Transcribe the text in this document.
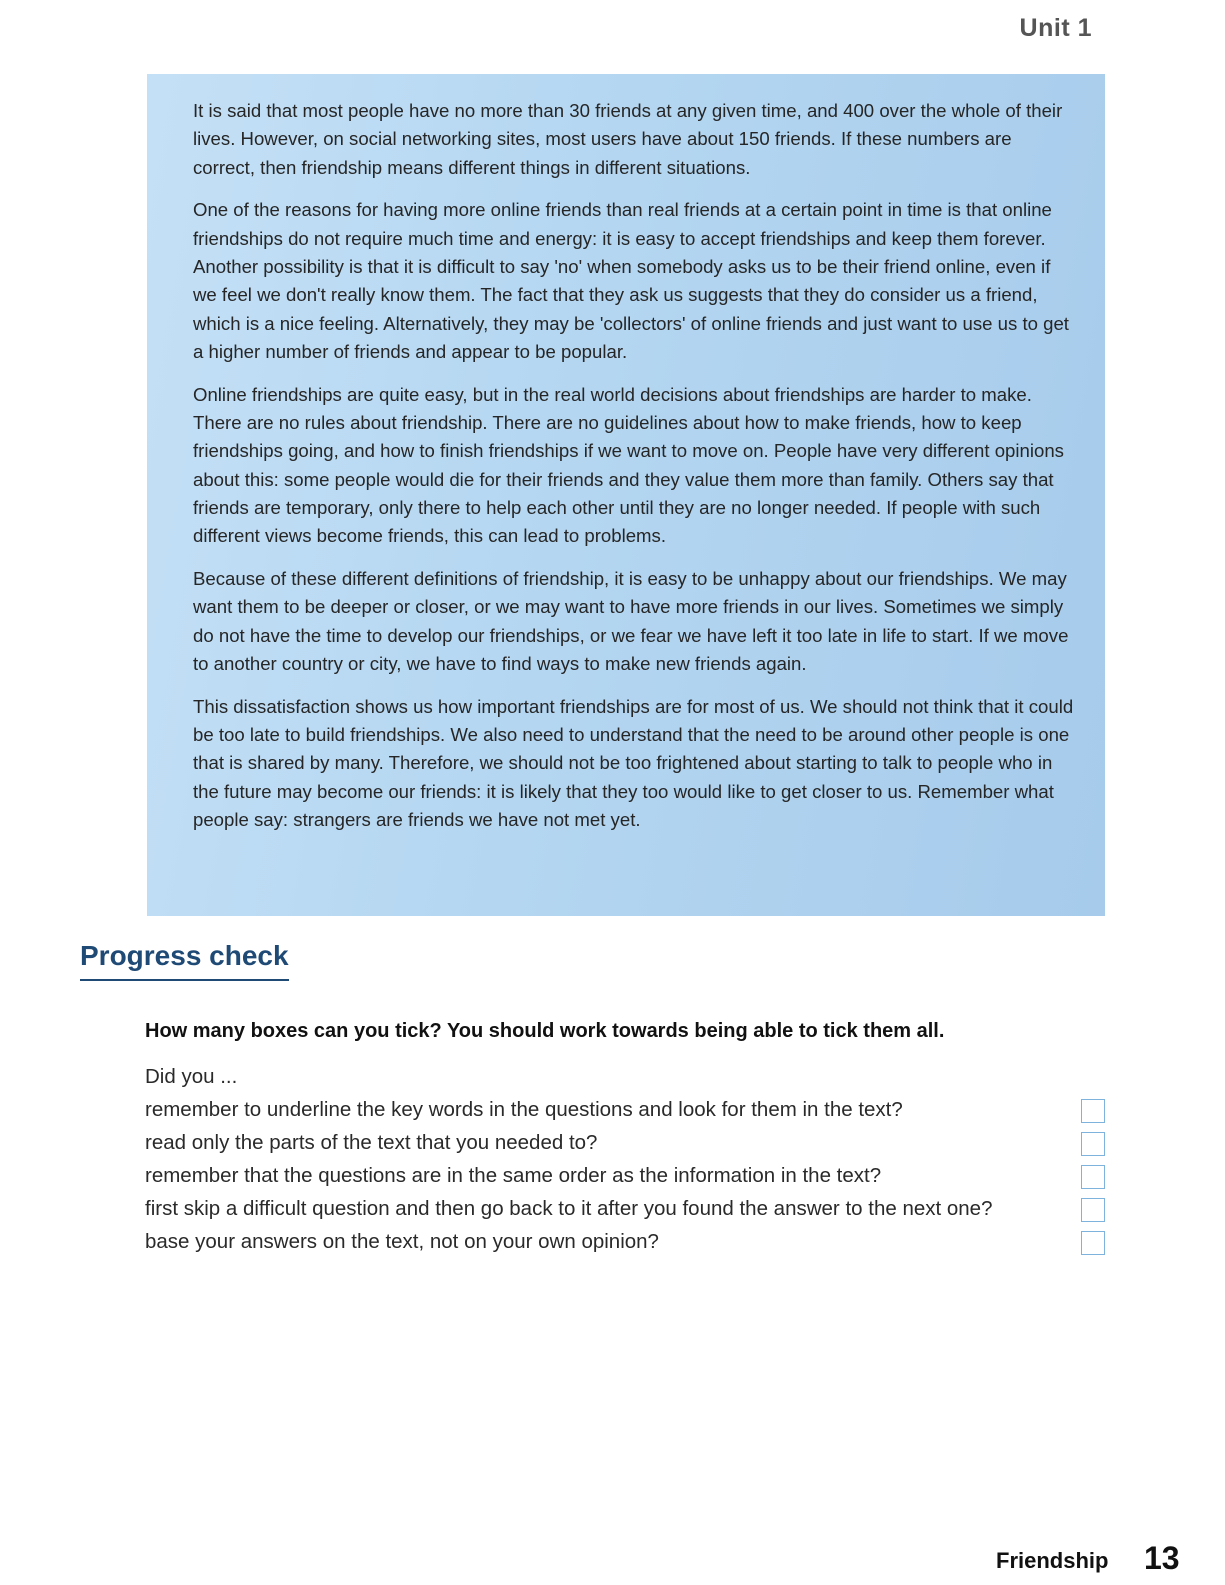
Unit 1

It is said that most people have no more than 30 friends at any given time, and 400 over the whole of their lives. However, on social networking sites, most users have about 150 friends. If these numbers are correct, then friendship means different things in different situations.

One of the reasons for having more online friends than real friends at a certain point in time is that online friendships do not require much time and energy: it is easy to accept friendships and keep them forever. Another possibility is that it is difficult to say 'no' when somebody asks us to be their friend online, even if we feel we don't really know them. The fact that they ask us suggests that they do consider us a friend, which is a nice feeling. Alternatively, they may be 'collectors' of online friends and just want to use us to get a higher number of friends and appear to be popular.

Online friendships are quite easy, but in the real world decisions about friendships are harder to make. There are no rules about friendship. There are no guidelines about how to make friends, how to keep friendships going, and how to finish friendships if we want to move on. People have very different opinions about this: some people would die for their friends and they value them more than family. Others say that friends are temporary, only there to help each other until they are no longer needed. If people with such different views become friends, this can lead to problems.

Because of these different definitions of friendship, it is easy to be unhappy about our friendships. We may want them to be deeper or closer, or we may want to have more friends in our lives. Sometimes we simply do not have the time to develop our friendships, or we fear we have left it too late in life to start. If we move to another country or city, we have to find ways to make new friends again.

This dissatisfaction shows us how important friendships are for most of us. We should not think that it could be too late to build friendships. We also need to understand that the need to be around other people is one that is shared by many. Therefore, we should not be too frightened about starting to talk to people who in the future may become our friends: it is likely that they too would like to get closer to us. Remember what people say: strangers are friends we have not met yet.

Progress check

How many boxes can you tick? You should work towards being able to tick them all.

Did you ...
remember to underline the key words in the questions and look for them in the text?
read only the parts of the text that you needed to?
remember that the questions are in the same order as the information in the text?
first skip a difficult question and then go back to it after you found the answer to the next one?
base your answers on the text, not on your own opinion?
Friendship 13
